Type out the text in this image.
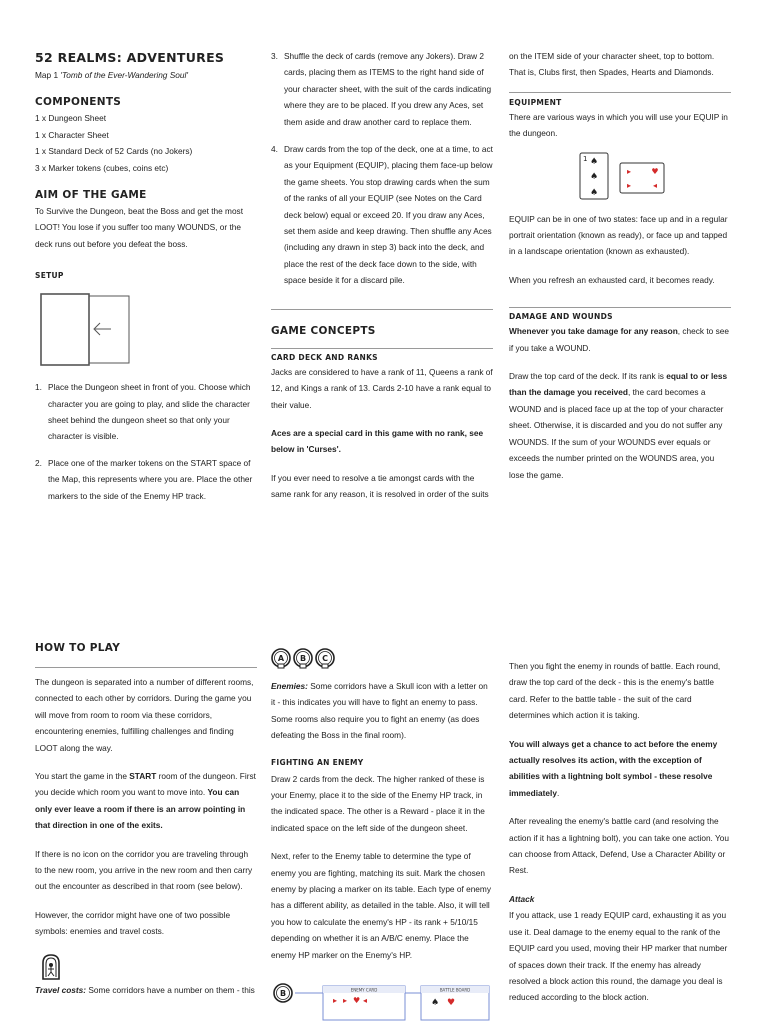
52 REALMS: ADVENTURES

Map 1 'Tomb of the Ever-Wandering Soul'

COMPONENTS

1 x Dungeon Sheet

1 x Character Sheet

1 x Standard Deck of 52 Cards (no Jokers)

3 x Marker tokens (cubes, coins etc)

AIM OF THE GAME

To Survive the Dungeon, beat the Boss and get the most LOOT! You lose if you suffer too many WOUNDS, or the deck runs out before you defeat the boss.

SETUP
1. Place the Dungeon sheet in front of you. Choose which character you are going to play, and slide the character sheet behind the dungeon sheet so that only your character is visible.
2. Place one of the marker tokens on the START space of the Map, this represents where you are. Place the other markers to the side of the Enemy HP track.
3. Shuffle the deck of cards (remove any Jokers). Draw 2 cards, placing them as ITEMS to the right hand side of your character sheet, with the suit of the cards indicating where they are to be placed. If you drew any Aces, set them aside and draw another card to replace them.
4. Draw cards from the top of the deck, one at a time, to act as your Equipment (EQUIP), placing them face-up below the game sheets. You stop drawing cards when the sum of the ranks of all your EQUIP (see Notes on the Card deck below) equal or exceed 20. If you draw any Aces, set them aside and keep drawing. Then shuffle any Aces (including any drawn in step 3) back into the deck, and place the rest of the deck face down to the side, with space beside it for a discard pile.
GAME CONCEPTS
CARD DECK AND RANKS

Jacks are considered to have a rank of 11, Queens a rank of 12, and Kings a rank of 13. Cards 2-10 have a rank equal to their value.

Aces are a special card in this game with no rank, see below in 'Curses'.

If you ever need to resolve a tie amongst cards with the same rank for any reason, it is resolved in order of the suits

on the ITEM side of your character sheet, top to bottom. That is, Clubs first, then Spades, Hearts and Diamonds.

EQUIPMENT

There are various ways in which you will use your EQUIP in the dungeon.

1 ♠
♠
♠
▸
▸
♥
◂

EQUIP can be in one of two states: face up and in a regular portrait orientation (known as ready), or face up and tapped in a landscape orientation (known as exhausted).

When you refresh an exhausted card, it becomes ready.

DAMAGE AND WOUNDS

Whenever you take damage for any reason, check to see if you take a WOUND.

Draw the top card of the deck. If its rank is equal to or less than the damage you received, the card becomes a WOUND and is placed face up at the top of your character sheet. Otherwise, it is discarded and you do not suffer any WOUNDS. If the sum of your WOUNDS ever equals or exceeds the number printed on the WOUNDS area, you lose the game.

HOW TO PLAY

The dungeon is separated into a number of different rooms, connected to each other by corridors. During the game you will move from room to room via these corridors, encountering enemies, fulfilling challenges and finding LOOT along the way.

You start the game in the START room of the dungeon. First you decide which room you want to move into. You can only ever leave a room if there is an arrow pointing in that direction in one of the exits.

If there is no icon on the corridor you are traveling through to the new room, you arrive in the new room and then carry out the encounter as described in that room (see below).

However, the corridor might have one of two possible symbols: enemies and travel costs.

Travel costs: Some corridors have a number on them - this

A B C

Enemies: Some corridors have a Skull icon with a letter on it - this indicates you will have to fight an enemy to pass. Some rooms also require you to fight an enemy (as does defeating the Boss in the final room).

FIGHTING AN ENEMY

Draw 2 cards from the deck. The higher ranked of these is your Enemy, place it to the side of the Enemy HP track, in the indicated space. The other is a Reward - place it in the indicated space on the left side of the dungeon sheet.

Next, refer to the Enemy table to determine the type of enemy you are fighting, matching its suit. Mark the chosen enemy by placing a marker on its table. Each type of enemy has a different ability, as detailed in the table. Also, it will tell you how to calculate the enemy's HP - its rank + 5/10/15 depending on whether it is an A/B/C enemy. Place the enemy HP marker on the Enemy's HP.

B	ENEMY CARD
▸ ▸ ♥ ◂
BATTLE BOARD
♠ ♥

Then you fight the enemy in rounds of battle. Each round, draw the top card of the deck - this is the enemy's battle card. Refer to the battle table - the suit of the card determines which action it is taking.

You will always get a chance to act before the enemy actually resolves its action, with the exception of abilities with a lightning bolt symbol - these resolve immediately.

After revealing the enemy's battle card (and resolving the action if it has a lightning bolt), you can take one action. You can choose from Attack, Defend, Use a Character Ability or Rest.

Attack

If you attack, use 1 ready EQUIP card, exhausting it as you use it. Deal damage to the enemy equal to the rank of the EQUIP card you used, moving their HP marker that number of spaces down their track. If the enemy has already resolved a block action this round, the damage you deal is reduced according to the block action.
